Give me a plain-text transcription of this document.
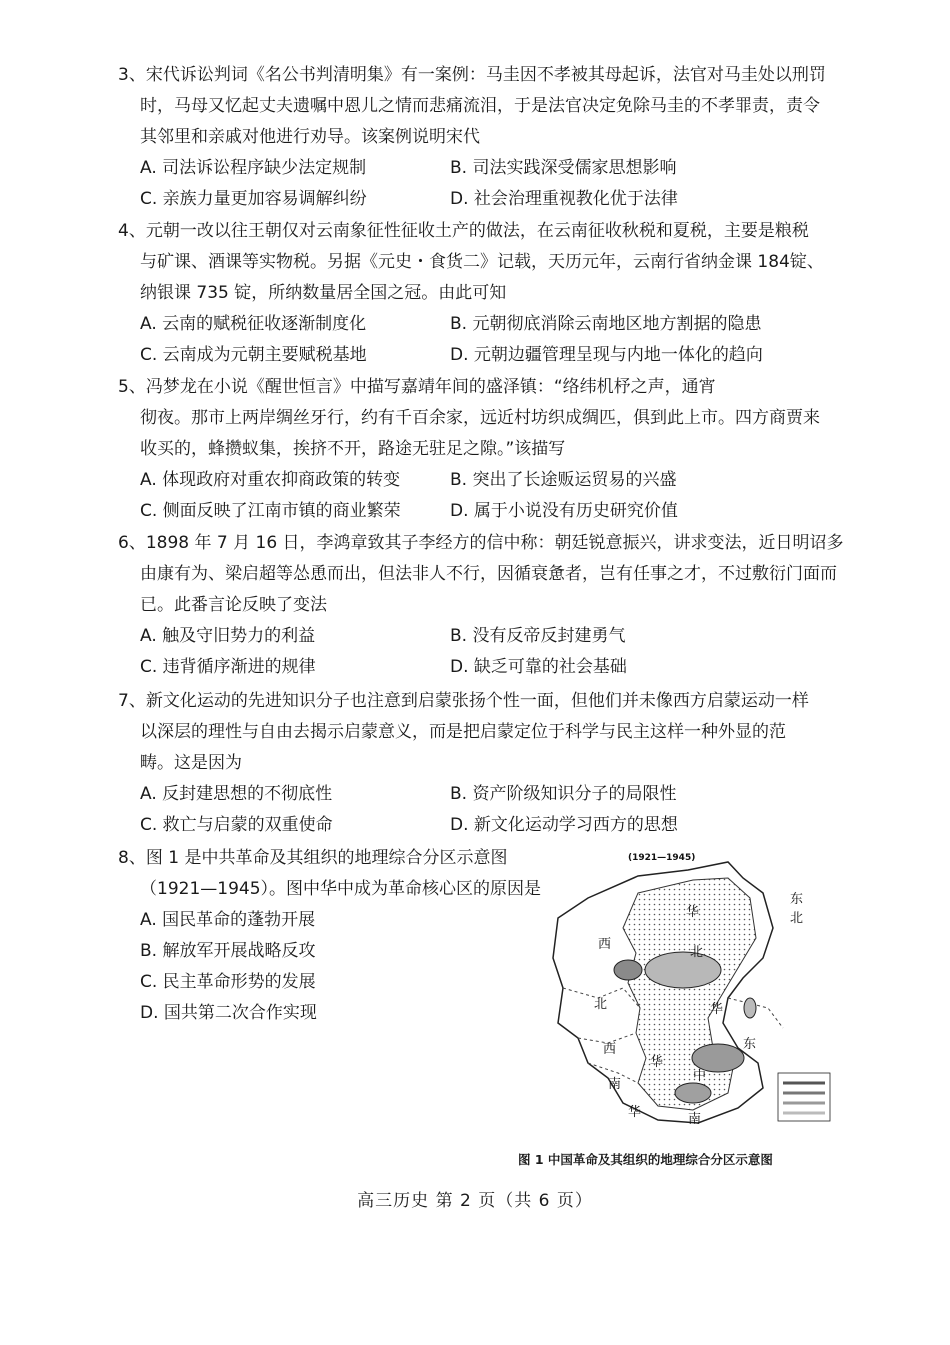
3、宋代诉讼判词《名公书判清明集》有一案例：马圭因不孝被其母起诉，法官对马圭处以刑罚
时，马母又忆起丈夫遗嘱中恩儿之情而悲痛流泪，于是法官决定免除马圭的不孝罪责，责令
其邻里和亲戚对他进行劝导。该案例说明宋代
A. 司法诉讼程序缺少法定规制	B. 司法实践深受儒家思想影响
C. 亲族力量更加容易调解纠纷	D. 社会治理重视教化优于法律
4、元朝一改以往王朝仅对云南象征性征收土产的做法，在云南征收秋税和夏税，主要是粮税
与矿课、酒课等实物税。另据《元史・食货二》记载，天历元年，云南行省纳金课 184锭、
纳银课 735 锭，所纳数量居全国之冠。由此可知
A. 云南的赋税征收逐渐制度化	B. 元朝彻底消除云南地区地方割据的隐患
C. 云南成为元朝主要赋税基地	D. 元朝边疆管理呈现与内地一体化的趋向
5、冯梦龙在小说《醒世恒言》中描写嘉靖年间的盛泽镇：“络纬机杼之声，通宵
彻夜。那市上两岸绸丝牙行，约有千百余家，远近村坊织成绸匹，俱到此上市。四方商贾来
收买的，蜂攒蚁集，挨挤不开，路途无驻足之隙。”该描写
A. 体现政府对重农抑商政策的转变	B. 突出了长途贩运贸易的兴盛
C. 侧面反映了江南市镇的商业繁荣	D. 属于小说没有历史研究价值
6、1898 年 7 月 16 日，李鸿章致其子李经方的信中称：朝廷锐意振兴，讲求变法，近日明诏多
由康有为、梁启超等怂恿而出，但法非人不行，因循衰惫者，岂有任事之才，不过敷衍门面而
已。此番言论反映了变法
A. 触及守旧势力的利益	B. 没有反帝反封建勇气
C. 违背循序渐进的规律	D. 缺乏可靠的社会基础
7、新文化运动的先进知识分子也注意到启蒙张扬个性一面，但他们并未像西方启蒙运动一样
以深层的理性与自由去揭示启蒙意义，而是把启蒙定位于科学与民主这样一种外显的范
畴。这是因为
A. 反封建思想的不彻底性	B. 资产阶级知识分子的局限性
C. 救亡与启蒙的双重使命	D. 新文化运动学习西方的思想
8、图 1 是中共革命及其组织的地理综合分区示意图
（1921—1945）。图中华中成为革命核心区的原因是
A. 国民革命的蓬勃开展
B. 解放军开展战略反攻
C. 民主革命形势的发展
D. 国共第二次合作实现
(1921—1945)
东
北
华
北
西
北
西
华
东
南
华
中
华	南
图 1 中国革命及其组织的地理综合分区示意图
高三历史 第 2 页（共 6 页）
